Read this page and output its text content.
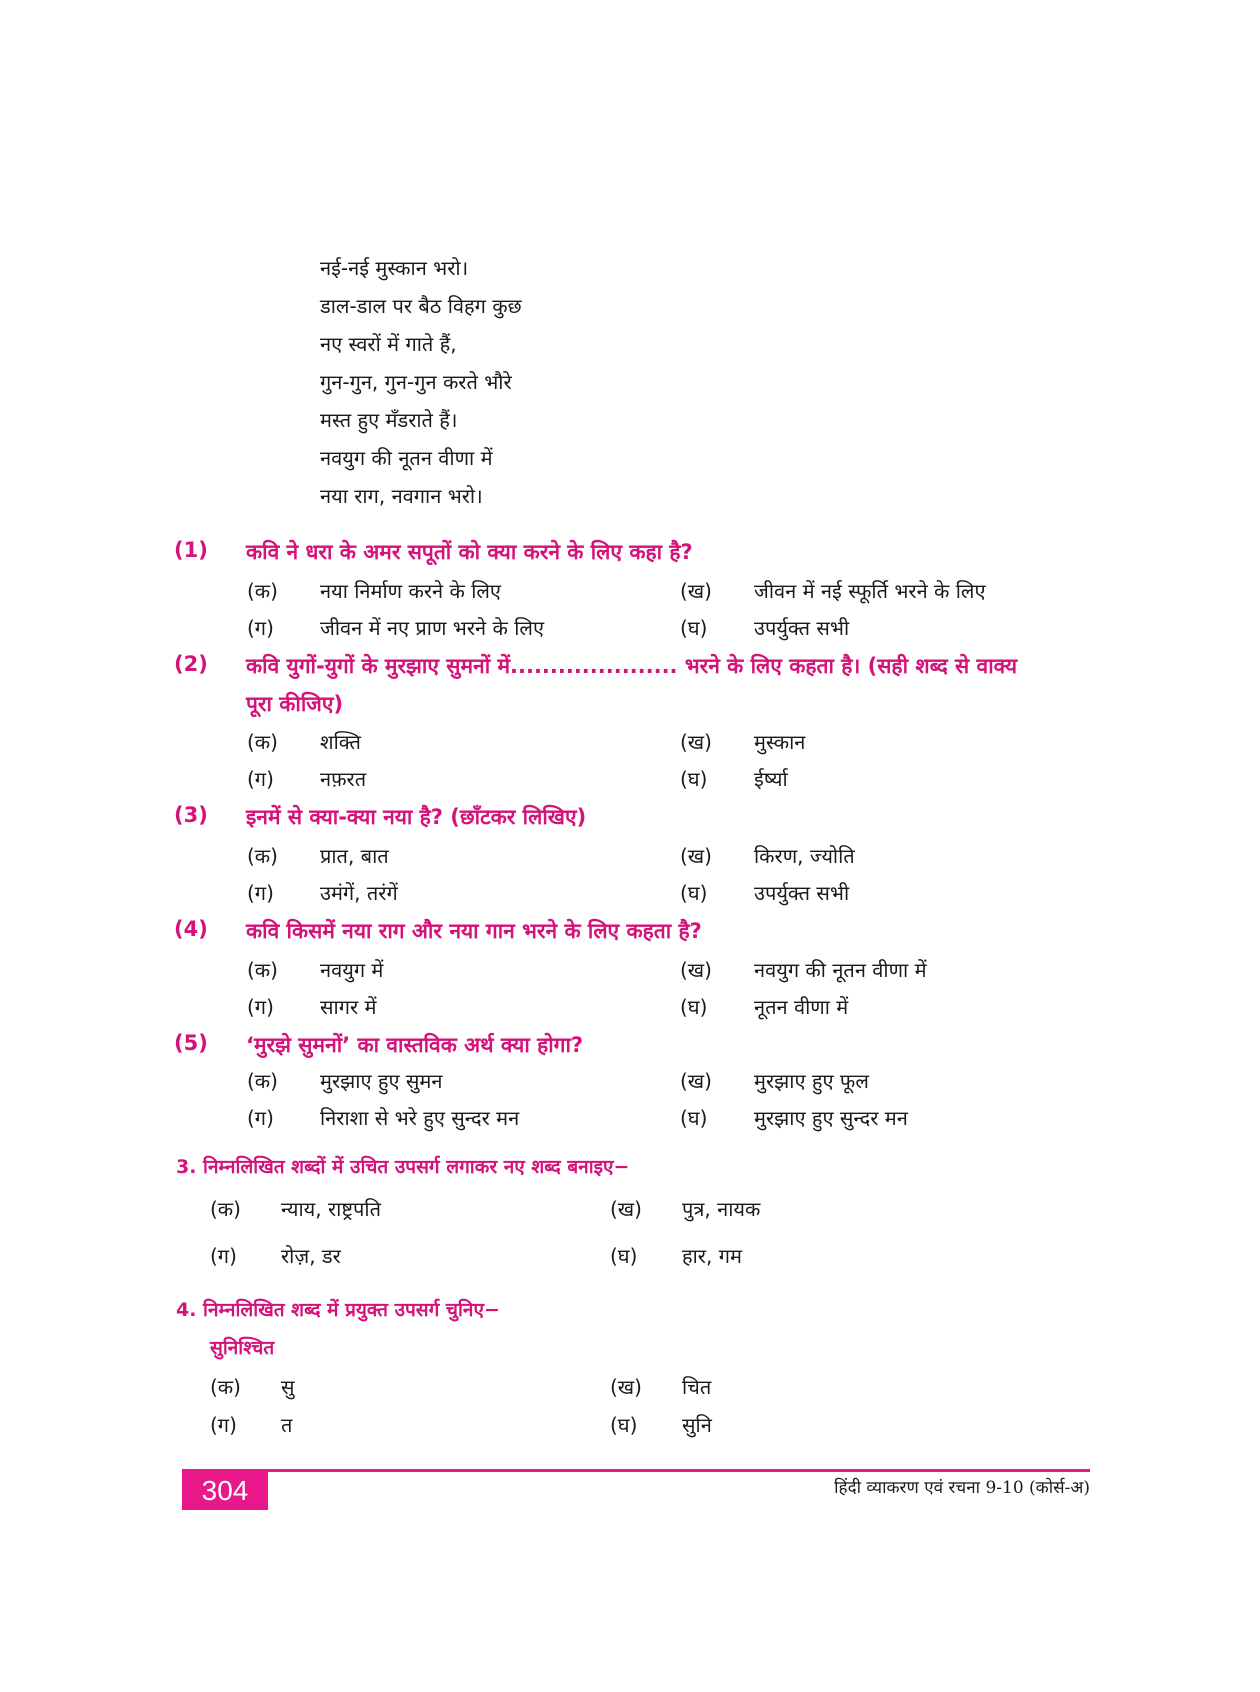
नई-नई मुस्कान भरो।
डाल-डाल पर बैठ विहग कुछ
नए स्वरों में गाते हैं,
गुन-गुन, गुन-गुन करते भौरे
मस्त हुए मँडराते हैं।
नवयुग की नूतन वीणा में
नया राग, नवगान भरो।
(1) कवि ने धरा के अमर सपूतों को क्या करने के लिए कहा है?
(क) नया निर्माण करने के लिए	(ख) जीवन में नई स्फूर्ति भरने के लिए
(ग) जीवन में नए प्राण भरने के लिए	(घ) उपर्युक्त सभी
(2) कवि युगों-युगों के मुरझाए सुमनों में..................... भरने के लिए कहता है। (सही शब्द से वाक्य
पूरा कीजिए)
(क) शक्ति	(ख) मुस्कान
(ग) नफ़रत	(घ) ईर्ष्या
(3) इनमें से क्या-क्या नया है? (छाँटकर लिखिए)
(क) प्रात, बात	(ख) किरण, ज्योति
(ग) उमंगें, तरंगें	(घ) उपर्युक्त सभी
(4) कवि किसमें नया राग और नया गान भरने के लिए कहता है?
(क) नवयुग में	(ख) नवयुग की नूतन वीणा में
(ग) सागर में	(घ) नूतन वीणा में
(5) ‘मुरझे सुमनों’ का वास्तविक अर्थ क्या होगा?
(क) मुरझाए हुए सुमन	(ख) मुरझाए हुए फूल
(ग) निराशा से भरे हुए सुन्दर मन	(घ) मुरझाए हुए सुन्दर मन
3. निम्नलिखित शब्दों में उचित उपसर्ग लगाकर नए शब्द बनाइए−
(क) न्याय, राष्ट्रपति	(ख) पुत्र, नायक
(ग) रोज़, डर	(घ) हार, गम
4. निम्नलिखित शब्द में प्रयुक्त उपसर्ग चुनिए−
सुनिश्चित
(क) सु	(ख) चित
(ग) त	(घ) सुनि
304	हिंदी व्याकरण एवं रचना 9-10 (कोर्स-अ)
